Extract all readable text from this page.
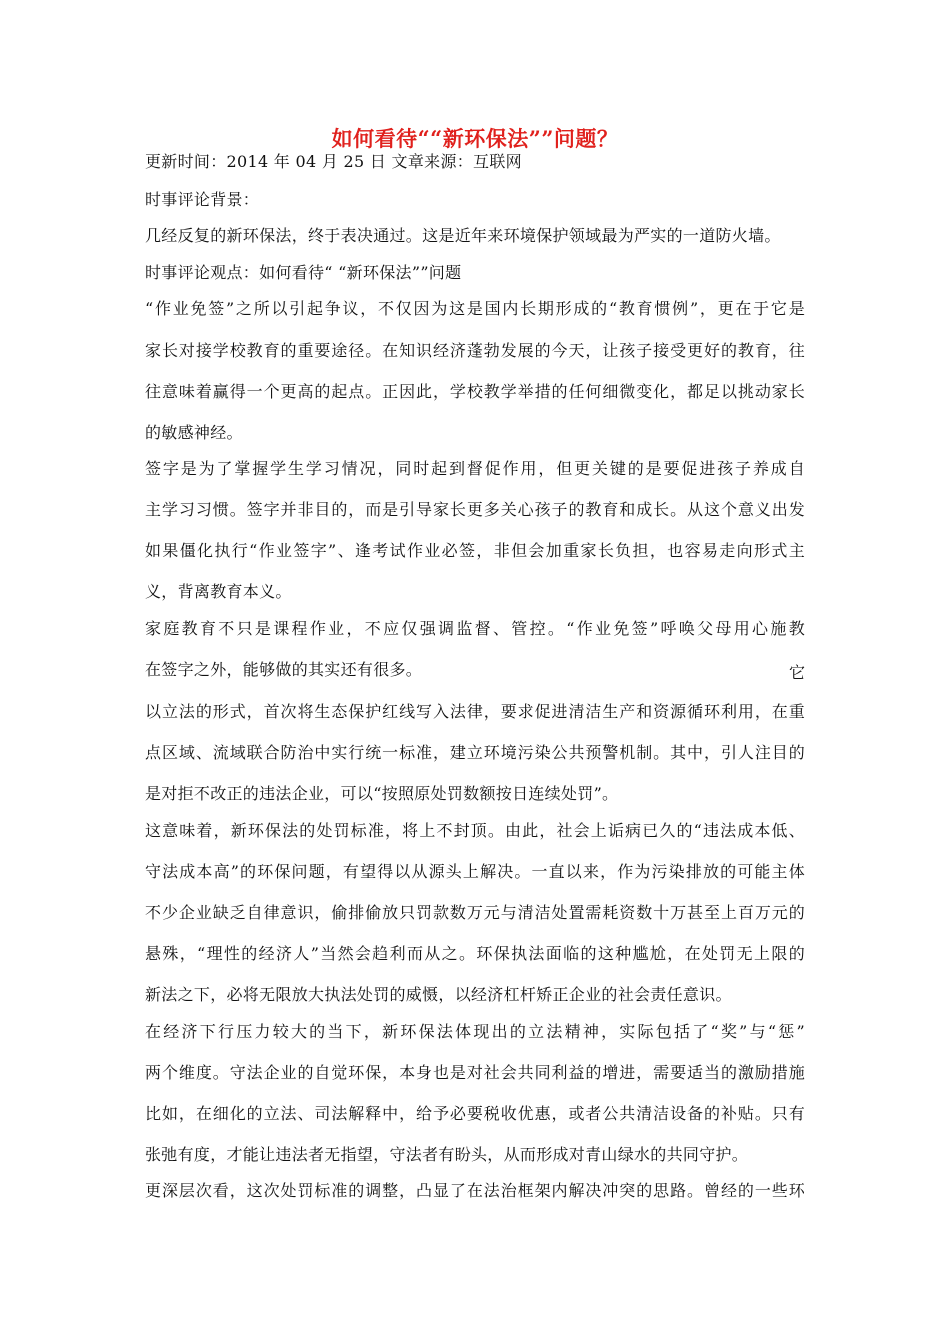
如何看待““新环保法””问题？
更新时间：2014 年 04 月 25 日 文章来源：互联网
时事评论背景：
几经反复的新环保法，终于表决通过。这是近年来环境保护领域最为严实的一道防火墙。
时事评论观点：如何看待“ “新环保法””问题
“作业免签”之所以引起争议，不仅因为这是国内长期形成的“教育惯例”，更在于它是
家长对接学校教育的重要途径。在知识经济蓬勃发展的今天，让孩子接受更好的教育，往
往意味着赢得一个更高的起点。正因此，学校教学举措的任何细微变化，都足以挑动家长
的敏感神经。
签字是为了掌握学生学习情况，同时起到督促作用，但更关键的是要促进孩子养成自
主学习习惯。签字并非目的，而是引导家长更多关心孩子的教育和成长。从这个意义出发
如果僵化执行“作业签字”、逢考试作业必签，非但会加重家长负担，也容易走向形式主
义，背离教育本义。
家庭教育不只是课程作业，不应仅强调监督、管控。“作业免签”呼唤父母用心施教
在签字之外，能够做的其实还有很多。	它
以立法的形式，首次将生态保护红线写入法律，要求促进清洁生产和资源循环利用，在重
点区域、流域联合防治中实行统一标准，建立环境污染公共预警机制。其中，引人注目的
是对拒不改正的违法企业，可以“按照原处罚数额按日连续处罚”。
这意味着，新环保法的处罚标准，将上不封顶。由此，社会上诟病已久的“违法成本低、
守法成本高”的环保问题，有望得以从源头上解决。一直以来，作为污染排放的可能主体
不少企业缺乏自律意识，偷排偷放只罚款数万元与清洁处置需耗资数十万甚至上百万元的
悬殊，“理性的经济人”当然会趋利而从之。环保执法面临的这种尴尬，在处罚无上限的
新法之下，必将无限放大执法处罚的威慑，以经济杠杆矫正企业的社会责任意识。
在经济下行压力较大的当下，新环保法体现出的立法精神，实际包括了“奖”与“惩”
两个维度。守法企业的自觉环保，本身也是对社会共同利益的增进，需要适当的激励措施
比如，在细化的立法、司法解释中，给予必要税收优惠，或者公共清洁设备的补贴。只有
张弛有度，才能让违法者无指望，守法者有盼头，从而形成对青山绿水的共同守护。
更深层次看，这次处罚标准的调整，凸显了在法治框架内解决冲突的思路。曾经的一些环
